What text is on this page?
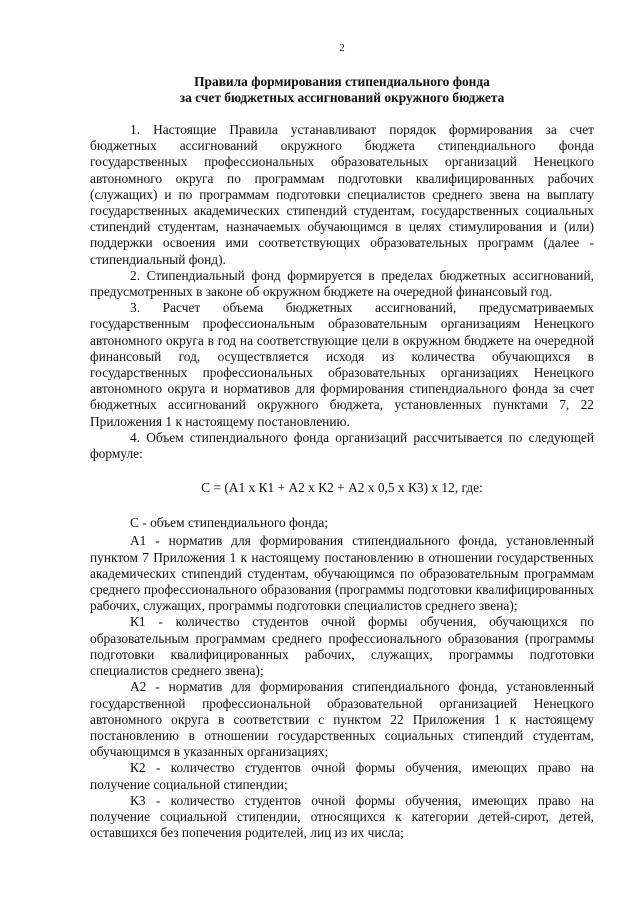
2
Правила формирования стипендиального фонда
за счет бюджетных ассигнований окружного бюджета

1. Настоящие Правила устанавливают порядок формирования за счет бюджетных ассигнований окружного бюджета стипендиального фонда государственных профессиональных образовательных организаций Ненецкого автономного округа по программам подготовки квалифицированных рабочих (служащих) и по программам подготовки специалистов среднего звена на выплату государственных академических стипендий студентам, государственных социальных стипендий студентам, назначаемых обучающимся в целях стимулирования и (или) поддержки освоения ими соответствующих образовательных программ (далее - стипендиальный фонд).

2. Стипендиальный фонд формируется в пределах бюджетных ассигнований, предусмотренных в законе об окружном бюджете на очередной финансовый год.

3. Расчет объема бюджетных ассигнований, предусматриваемых государственным профессиональным образовательным организациям Ненецкого автономного округа в год на соответствующие цели в окружном бюджете на очередной финансовый год, осуществляется исходя из количества обучающихся в государственных профессиональных образовательных организациях Ненецкого автономного округа и нормативов для формирования стипендиального фонда за счет бюджетных ассигнований окружного бюджета, установленных пунктами 7, 22 Приложения 1 к настоящему постановлению.

4. Объем стипендиального фонда организаций рассчитывается по следующей формуле:

С = (А1 х К1 + А2 х К2 + А2 х 0,5 х К3) х 12, где:

С - объем стипендиального фонда;

А1 - норматив для формирования стипендиального фонда, установленный пунктом 7 Приложения 1 к настоящему постановлению в отношении государственных академических стипендий студентам, обучающимся по образовательным программам среднего профессионального образования (программы подготовки квалифицированных рабочих, служащих, программы подготовки специалистов среднего звена);

К1 - количество студентов очной формы обучения, обучающихся по образовательным программам среднего профессионального образования (программы подготовки квалифицированных рабочих, служащих, программы подготовки специалистов среднего звена);

А2 - норматив для формирования стипендиального фонда, установленный государственной профессиональной образовательной организацией Ненецкого автономного округа в соответствии с пунктом 22 Приложения 1 к настоящему постановлению в отношении государственных социальных стипендий студентам, обучающимся в указанных организациях;

К2 - количество студентов очной формы обучения, имеющих право на получение социальной стипендии;

К3 - количество студентов очной формы обучения, имеющих право на получение социальной стипендии, относящихся к категории детей-сирот, детей, оставшихся без попечения родителей, лиц из их числа;
